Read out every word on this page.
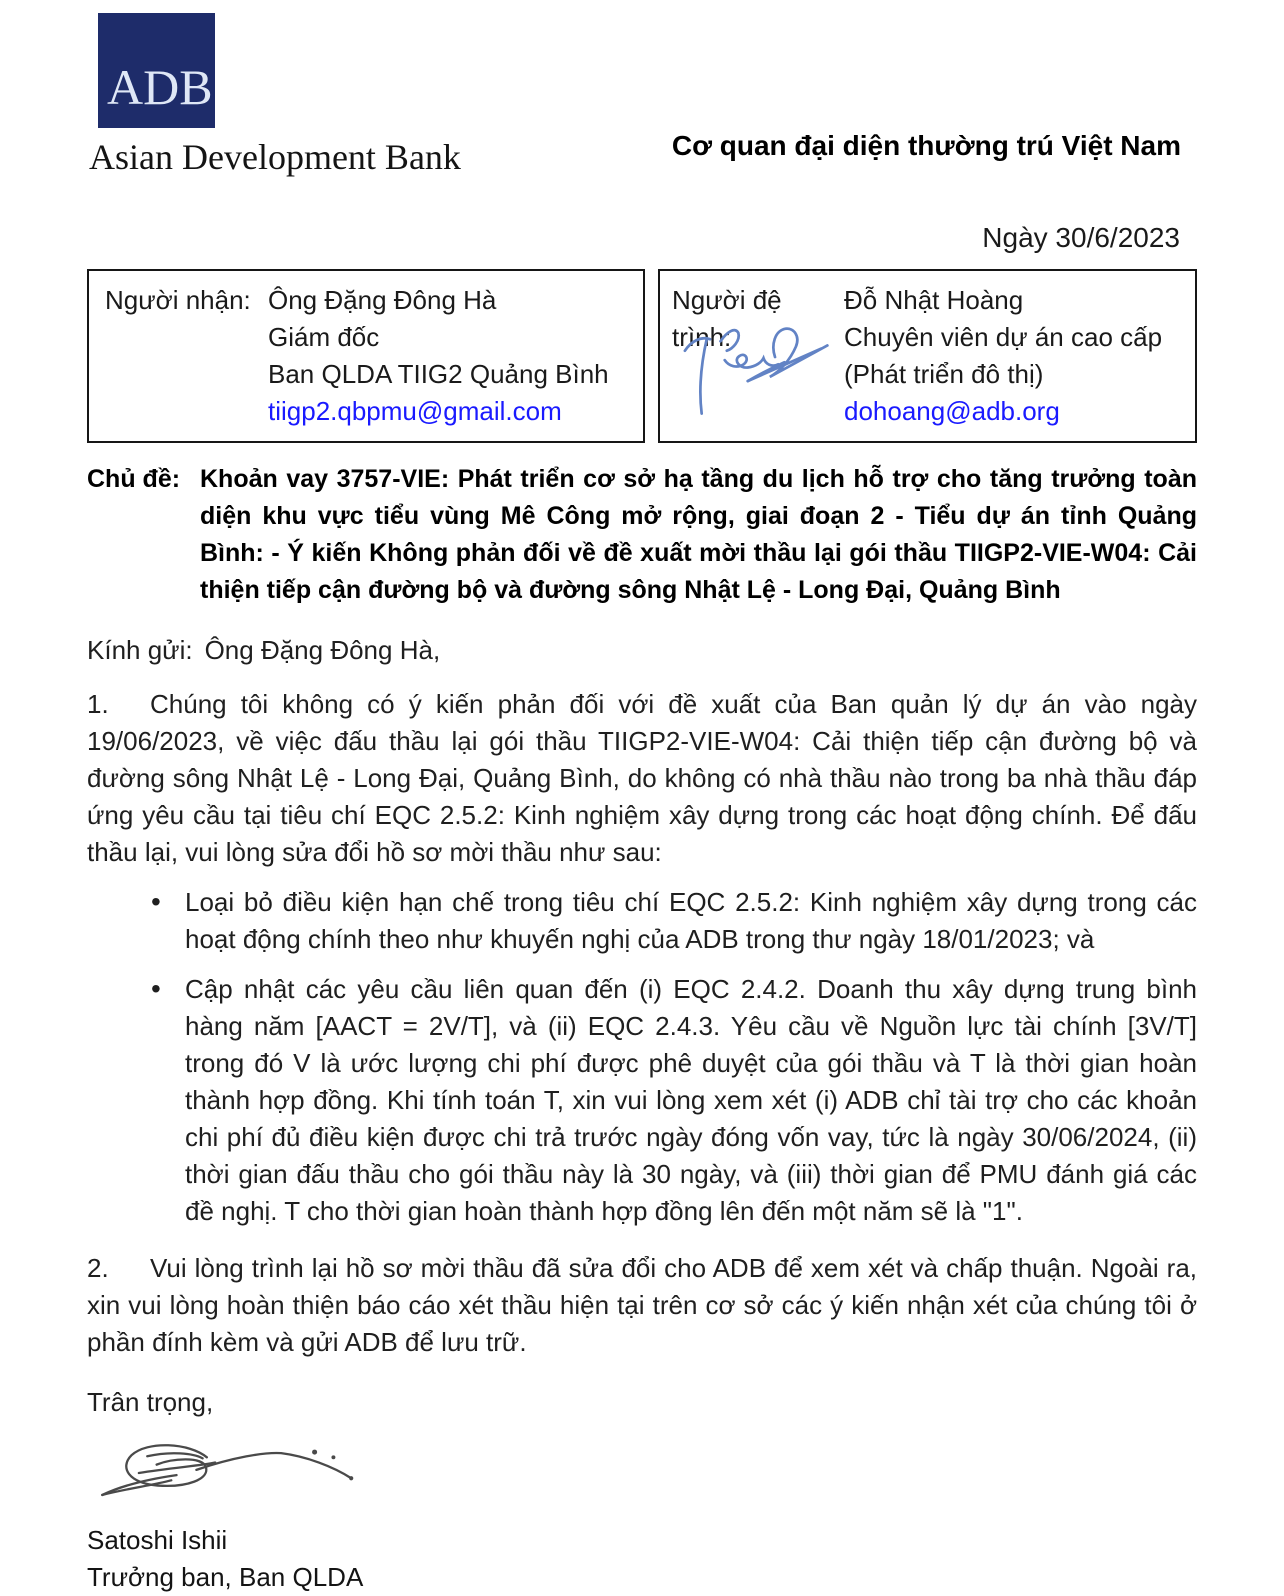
ADB
Asian Development Bank	Cơ quan đại diện thường trú Việt Nam
Ngày 30/6/2023
Người nhận: Ông Đặng Đông Hà
Giám đốc
Ban QLDA TIIG2 Quảng Bình
tiigp2.qbpmu@gmail.com
Người đệ trình:
Đỗ Nhật Hoàng
Chuyên viên dự án cao cấp
(Phát triển đô thị)
dohoang@adb.org
Chủ đề: Khoản vay 3757-VIE: Phát triển cơ sở hạ tầng du lịch hỗ trợ cho tăng trưởng toàn diện khu vực tiểu vùng Mê Công mở rộng, giai đoạn 2 - Tiểu dự án tỉnh Quảng Bình: - Ý kiến Không phản đối về đề xuất mời thầu lại gói thầu TIIGP2-VIE-W04: Cải thiện tiếp cận đường bộ và đường sông Nhật Lệ - Long Đại, Quảng Bình

Kính gửi: Ông Đặng Đông Hà,

1. Chúng tôi không có ý kiến phản đối với đề xuất của Ban quản lý dự án vào ngày 19/06/2023, về việc đấu thầu lại gói thầu TIIGP2-VIE-W04: Cải thiện tiếp cận đường bộ và đường sông Nhật Lệ - Long Đại, Quảng Bình, do không có nhà thầu nào trong ba nhà thầu đáp ứng yêu cầu tại tiêu chí EQC 2.5.2: Kinh nghiệm xây dựng trong các hoạt động chính. Để đấu thầu lại, vui lòng sửa đổi hồ sơ mời thầu như sau:

• Loại bỏ điều kiện hạn chế trong tiêu chí EQC 2.5.2: Kinh nghiệm xây dựng trong các hoạt động chính theo như khuyến nghị của ADB trong thư ngày 18/01/2023; và
• Cập nhật các yêu cầu liên quan đến (i) EQC 2.4.2. Doanh thu xây dựng trung bình hàng năm [AACT = 2V/T], và (ii) EQC 2.4.3. Yêu cầu về Nguồn lực tài chính [3V/T] trong đó V là ước lượng chi phí được phê duyệt của gói thầu và T là thời gian hoàn thành hợp đồng. Khi tính toán T, xin vui lòng xem xét (i) ADB chỉ tài trợ cho các khoản chi phí đủ điều kiện được chi trả trước ngày đóng vốn vay, tức là ngày 30/06/2024, (ii) thời gian đấu thầu cho gói thầu này là 30 ngày, và (iii) thời gian để PMU đánh giá các đề nghị. T cho thời gian hoàn thành hợp đồng lên đến một năm sẽ là "1".

2. Vui lòng trình lại hồ sơ mời thầu đã sửa đổi cho ADB để xem xét và chấp thuận. Ngoài ra, xin vui lòng hoàn thiện báo cáo xét thầu hiện tại trên cơ sở các ý kiến nhận xét của chúng tôi ở phần đính kèm và gửi ADB để lưu trữ.

Trân trọng,

Satoshi Ishii
Trưởng ban, Ban QLDA
